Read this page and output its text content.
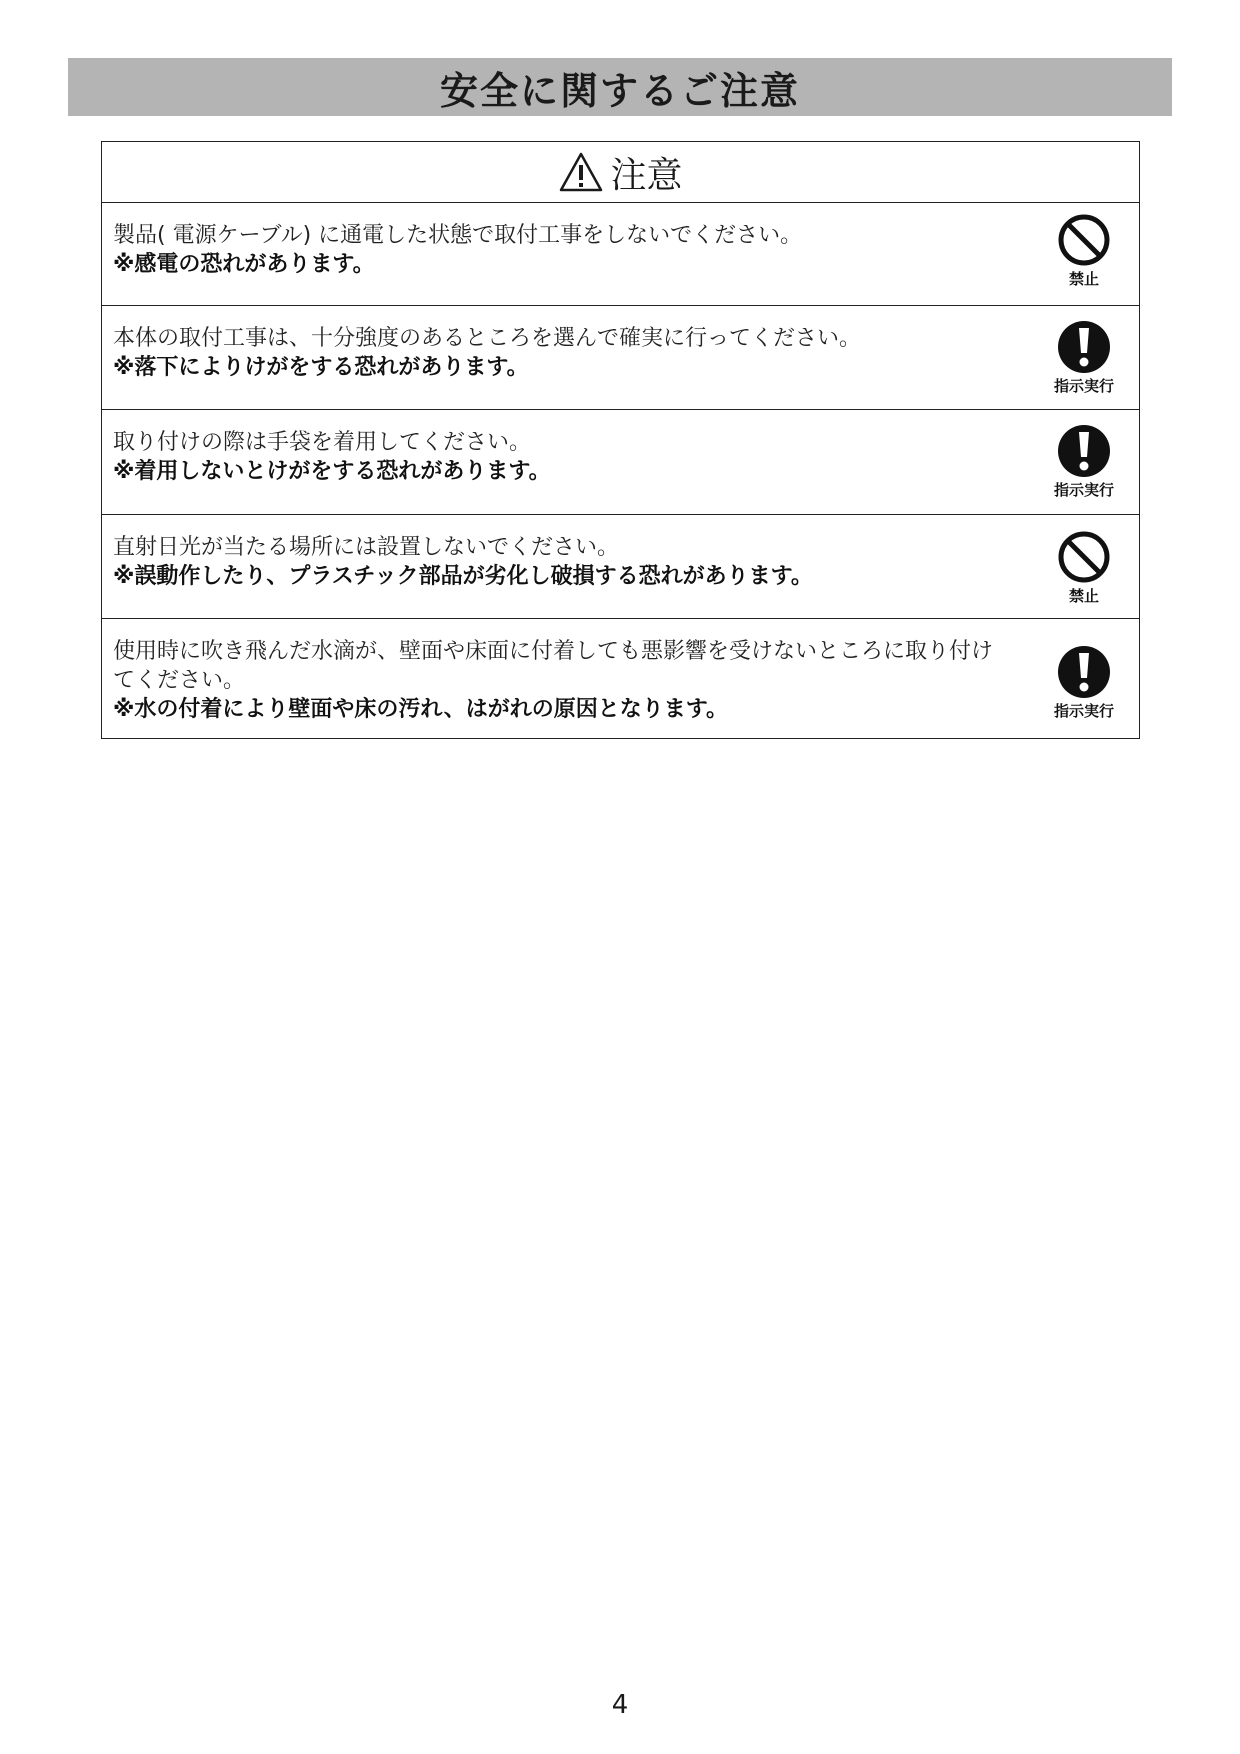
安全に関するご注意
注意
製品( 電源ケーブル) に通電した状態で取付工事をしないでください。
※感電の恐れがあります。
禁止
本体の取付工事は、十分強度のあるところを選んで確実に行ってください。
※落下によりけがをする恐れがあります。
指示実行
取り付けの際は手袋を着用してください。
※着用しないとけがをする恐れがあります。
指示実行
直射日光が当たる場所には設置しないでください。
※誤動作したり、プラスチック部品が劣化し破損する恐れがあります。
禁止
使用時に吹き飛んだ水滴が、壁面や床面に付着しても悪影響を受けないところに取り付けてください。
※水の付着により壁面や床の汚れ、はがれの原因となります。	指示実行
4
